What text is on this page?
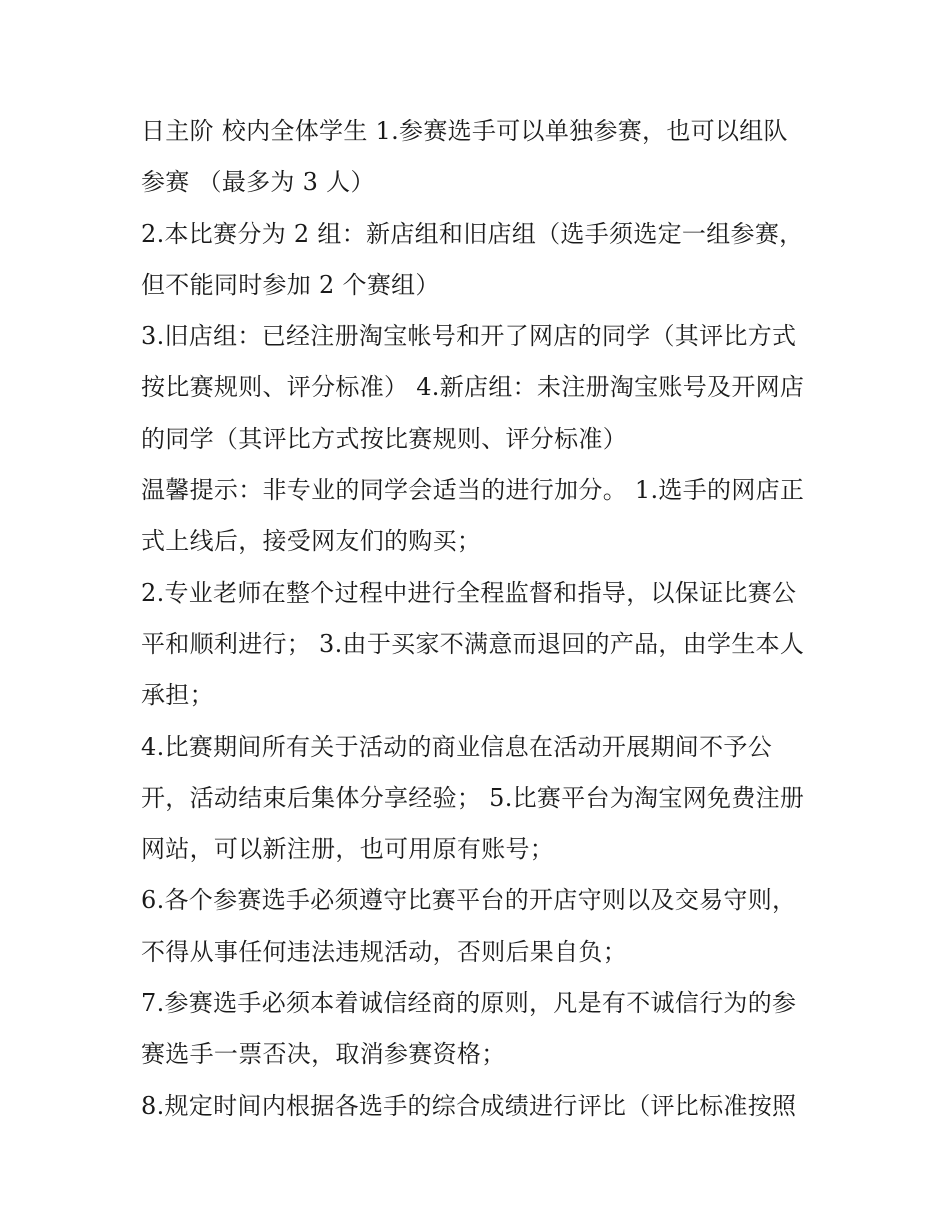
日主阶 校内全体学生 1.参赛选手可以单独参赛，也可以组队
参赛 （最多为 3 人）
2.本比赛分为 2 组：新店组和旧店组（选手须选定一组参赛，
但不能同时参加 2 个赛组）
3.旧店组：已经注册淘宝帐号和开了网店的同学（其评比方式
按比赛规则、评分标准） 4.新店组：未注册淘宝账号及开网店
的同学（其评比方式按比赛规则、评分标准）
温馨提示：非专业的同学会适当的进行加分。 1.选手的网店正
式上线后，接受网友们的购买；
2.专业老师在整个过程中进行全程监督和指导，以保证比赛公
平和顺利进行； 3.由于买家不满意而退回的产品，由学生本人
承担；
4.比赛期间所有关于活动的商业信息在活动开展期间不予公
开，活动结束后集体分享经验； 5.比赛平台为淘宝网免费注册
网站，可以新注册，也可用原有账号；
6.各个参赛选手必须遵守比赛平台的开店守则以及交易守则，
不得从事任何违法违规活动，否则后果自负；
7.参赛选手必须本着诚信经商的原则，凡是有不诚信行为的参
赛选手一票否决，取消参赛资格；
8.规定时间内根据各选手的综合成绩进行评比（评比标准按照
